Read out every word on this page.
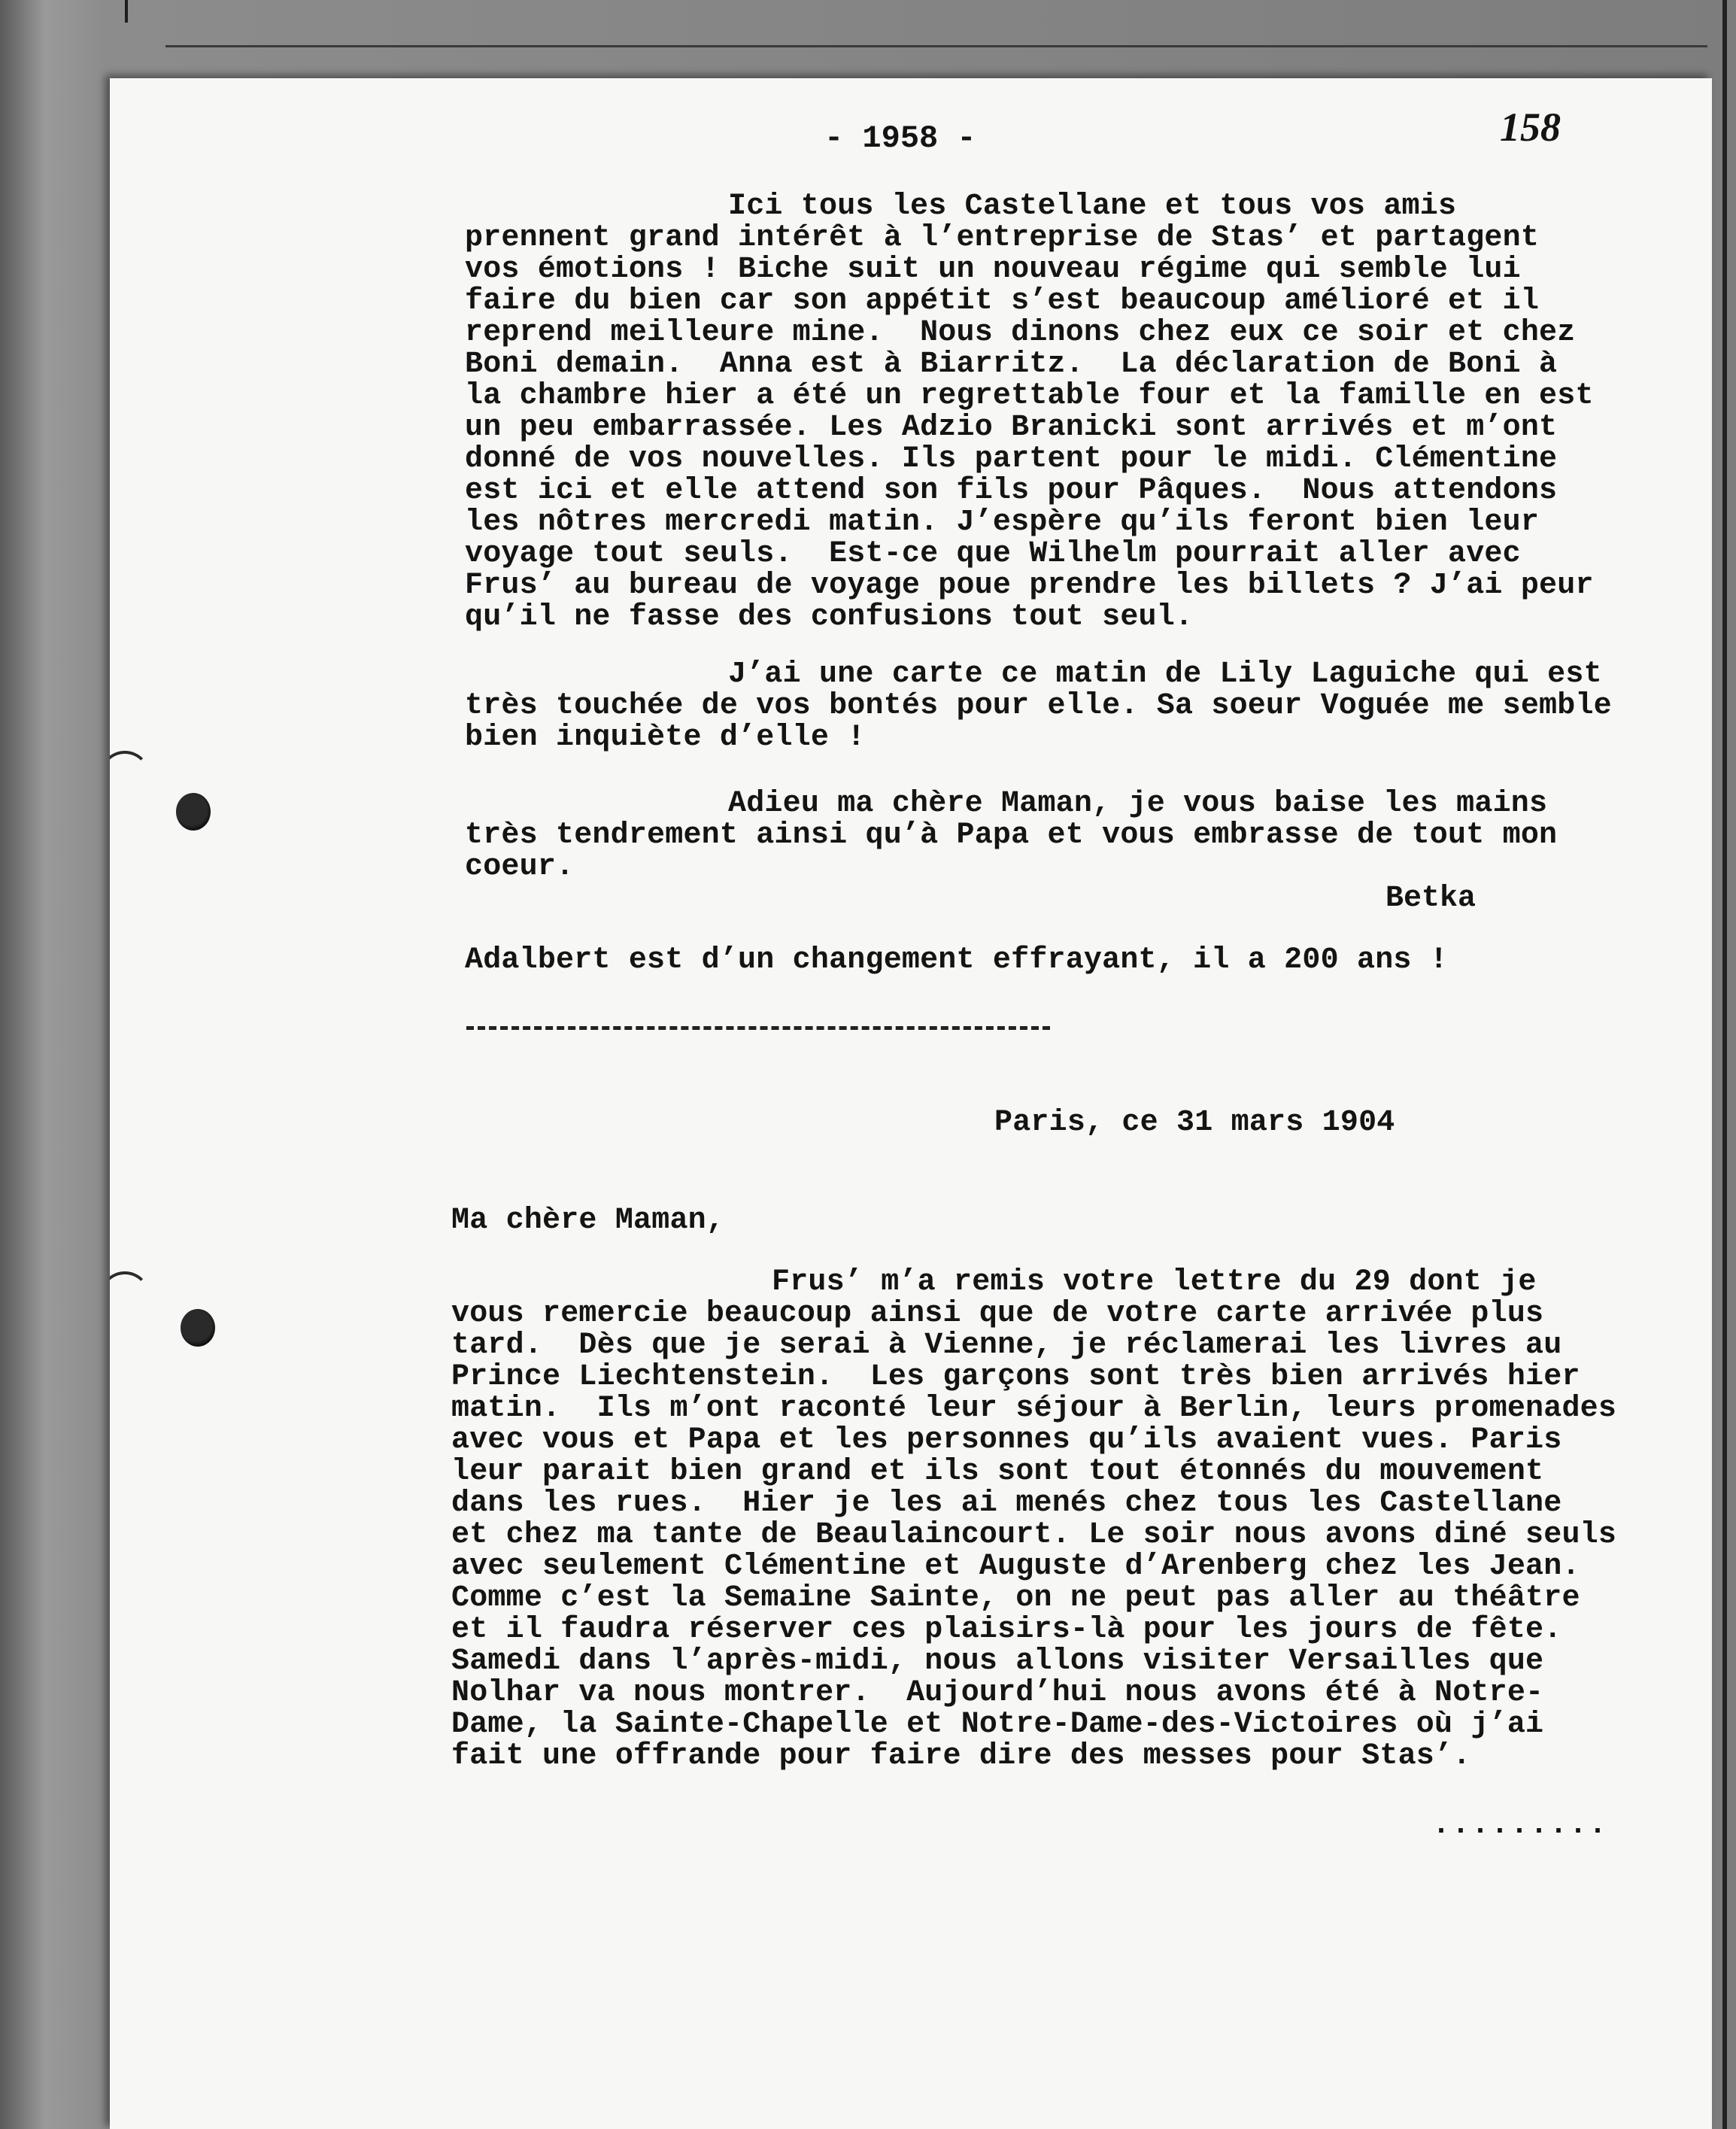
- 1958 -	158
Ici tous les Castellane et tous vos amis
prennent grand intérêt à l’entreprise de Stas’ et partagent
vos émotions ! Biche suit un nouveau régime qui semble lui
faire du bien car son appétit s’est beaucoup amélioré et il
reprend meilleure mine.  Nous dinons chez eux ce soir et chez
Boni demain.  Anna est à Biarritz.  La déclaration de Boni à
la chambre hier a été un regrettable four et la famille en est
un peu embarrassée. Les Adzio Branicki sont arrivés et m’ont
donné de vos nouvelles. Ils partent pour le midi. Clémentine
est ici et elle attend son fils pour Pâques.  Nous attendons
les nôtres mercredi matin. J’espère qu’ils feront bien leur
voyage tout seuls.  Est-ce que Wilhelm pourrait aller avec
Frus’ au bureau de voyage poue prendre les billets ? J’ai peur
qu’il ne fasse des confusions tout seul.
J’ai une carte ce matin de Lily Laguiche qui est
très touchée de vos bontés pour elle. Sa soeur Voguée me semble
bien inquiète d’elle !
Adieu ma chère Maman, je vous baise les mains
très tendrement ainsi qu’à Papa et vous embrasse de tout mon
coeur.
Betka
Adalbert est d’un changement effrayant, il a 200 ans !
Paris, ce 31 mars 1904
Ma chère Maman,
Frus’ m’a remis votre lettre du 29 dont je
vous remercie beaucoup ainsi que de votre carte arrivée plus
tard.  Dès que je serai à Vienne, je réclamerai les livres au
Prince Liechtenstein.  Les garçons sont très bien arrivés hier
matin.  Ils m’ont raconté leur séjour à Berlin, leurs promenades
avec vous et Papa et les personnes qu’ils avaient vues. Paris
leur parait bien grand et ils sont tout étonnés du mouvement
dans les rues.  Hier je les ai menés chez tous les Castellane
et chez ma tante de Beaulaincourt. Le soir nous avons diné seuls
avec seulement Clémentine et Auguste d’Arenberg chez les Jean.
Comme c’est la Semaine Sainte, on ne peut pas aller au théâtre
et il faudra réserver ces plaisirs-là pour les jours de fête.
Samedi dans l’après-midi, nous allons visiter Versailles que
Nolhar va nous montrer.  Aujourd’hui nous avons été à Notre-
Dame, la Sainte-Chapelle et Notre-Dame-des-Victoires où j’ai
fait une offrande pour faire dire des messes pour Stas’.
.........
